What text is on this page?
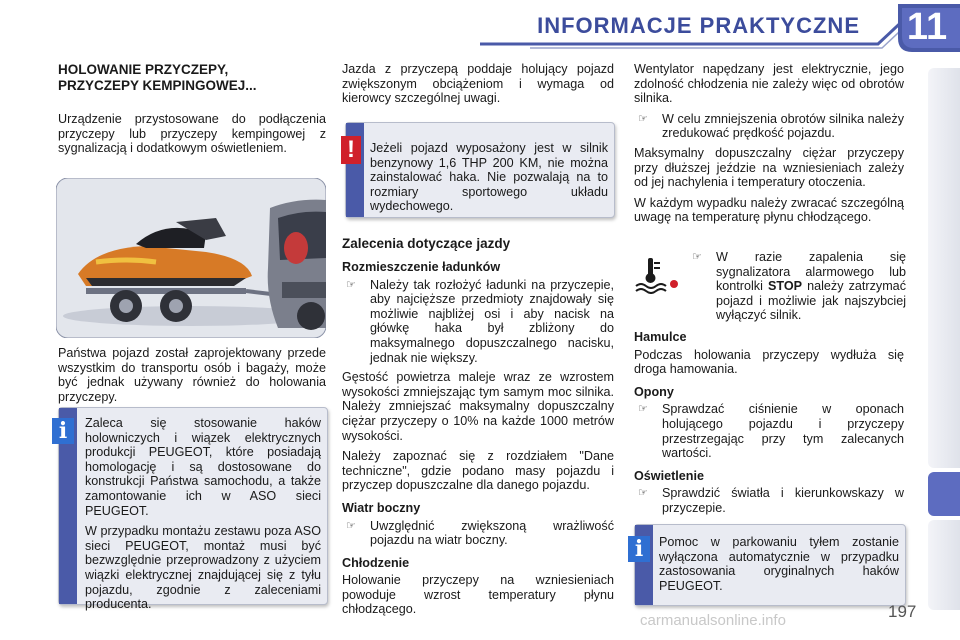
INFORMACJE PRAKTYCZNE 11
HOLOWANIE PRZYCZEPY,
PRZYCZEPY KEMPINGOWEJ...

Urządzenie przystosowane do podłączenia przyczepy lub przyczepy kempingowej z sygnalizacją i dodatkowym oświetleniem.

Państwa pojazd został zaprojektowany przede wszystkim do transportu osób i bagaży, może być jednak używany również do holowania przyczepy.

Zaleca się stosowanie haków holowniczych i wiązek elektrycznych produkcji PEUGEOT, które posiadają homologację i są dostosowane do konstrukcji Państwa samochodu, a także zamontowanie ich w ASO sieci PEUGEOT.

W przypadku montażu zestawu poza ASO sieci PEUGEOT, montaż musi być bezwzględnie przeprowadzony z użyciem wiązki elektrycznej znajdującej się z tyłu pojazdu, zgodnie z zaleceniami producenta.

i

Jazda z przyczepą poddaje holujący pojazd zwiększonym obciążeniom i wymaga od kierowcy szczególnej uwagi.

Jeżeli pojazd wyposażony jest w silnik benzynowy 1,6 THP 200 KM, nie można zainstalować haka. Nie pozwalają na to rozmiary sportowego układu wydechowego.
!
Zalecenia dotyczące jazdy
Rozmieszczenie ładunków
☞	Należy tak rozłożyć ładunki na przyczepie, aby najcięższe przedmioty znajdowały się możliwie najbliżej osi i aby nacisk na główkę haka był zbliżony do maksymalnego dopuszczalnego nacisku, jednak nie większy.

Gęstość powietrza maleje wraz ze wzrostem wysokości zmniejszając tym samym moc silnika. Należy zmniejszać maksymalny dopuszczalny ciężar przyczepy o 10% na każde 1000 metrów wysokości.

Należy zapoznać się z rozdziałem "Dane techniczne", gdzie podano masy pojazdu i przyczep dopuszczalne dla danego pojazdu.

Wiatr boczny
☞	Uwzględnić zwiększoną wrażliwość pojazdu na wiatr boczny.
Chłodzenie

Holowanie przyczepy na wzniesieniach powoduje wzrost temperatury płynu chłodzącego.

Wentylator napędzany jest elektrycznie, jego zdolność chłodzenia nie zależy więc od obrotów silnika.

☞	W celu zmniejszenia obrotów silnika należy zredukować prędkość pojazdu.

Maksymalny dopuszczalny ciężar przyczepy przy dłuższej jeździe na wzniesieniach zależy od jej nachylenia i temperatury otoczenia.

W każdym wypadku należy zwracać szczególną uwagę na temperaturę płynu chłodzącego.

☞	W razie zapalenia się sygnalizatora alarmowego lub kontrolki STOP należy zatrzymać pojazd i możliwie jak najszybciej wyłączyć silnik.
Hamulce

Podczas holowania przyczepy wydłuża się droga hamowania.

Opony
☞	Sprawdzać ciśnienie w oponach holującego pojazdu i przyczepy przestrzegając przy tym zalecanych wartości.
Oświetlenie
☞	Sprawdzić światła i kierunkowskazy w przyczepie.
Pomoc w parkowaniu tyłem zostanie wyłączona automatycznie w przypadku zastosowania oryginalnych haków PEUGEOT.
i
carmanualsonline.info	197
